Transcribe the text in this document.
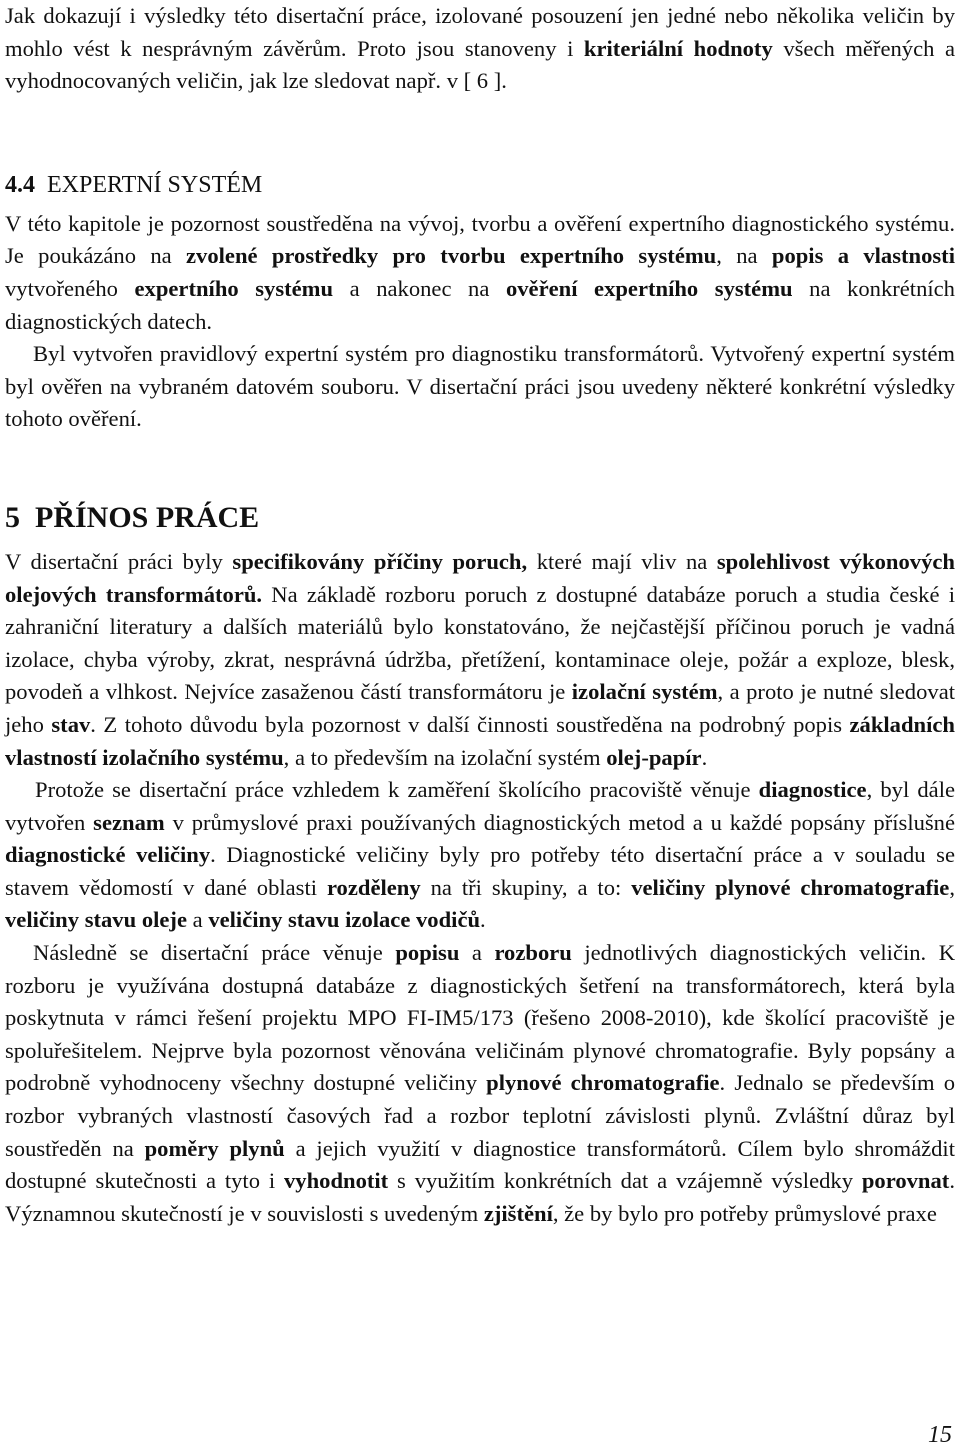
Jak dokazují i výsledky této disertační práce, izolované posouzení jen jedné nebo několika veličin by mohlo vést k nesprávným závěrům. Proto jsou stanoveny i kriteriální hodnoty všech měřených a vyhodnocovaných veličin, jak lze sledovat např. v [ 6 ].

4.4 EXPERTNÍ SYSTÉM

V této kapitole je pozornost soustředěna na vývoj, tvorbu a ověření expertního diagnostického systému. Je poukázáno na zvolené prostředky pro tvorbu expertního systému, na popis a vlastnosti vytvořeného expertního systému a nakonec na ověření expertního systému na konkrétních diagnostických datech.

Byl vytvořen pravidlový expertní systém pro diagnostiku transformátorů. Vytvořený expertní systém byl ověřen na vybraném datovém souboru. V disertační práci jsou uvedeny některé konkrétní výsledky tohoto ověření.

5 PŘÍNOS PRÁCE

V disertační práci byly specifikovány příčiny poruch, které mají vliv na spolehlivost výkonových olejových transformátorů. Na základě rozboru poruch z dostupné databáze poruch a studia české i zahraniční literatury a dalších materiálů bylo konstatováno, že nejčastější příčinou poruch je vadná izolace, chyba výroby, zkrat, nesprávná údržba, přetížení, kontaminace oleje, požár a exploze, blesk, povodeň a vlhkost. Nejvíce zasaženou částí transformátoru je izolační systém, a proto je nutné sledovat jeho stav. Z tohoto důvodu byla pozornost v další činnosti soustředěna na podrobný popis základních vlastností izolačního systému, a to především na izolační systém olej-papír.

Protože se disertační práce vzhledem k zaměření školícího pracoviště věnuje diagnostice, byl dále vytvořen seznam v průmyslové praxi používaných diagnostických metod a u každé popsány příslušné diagnostické veličiny. Diagnostické veličiny byly pro potřeby této disertační práce a v souladu se stavem vědomostí v dané oblasti rozděleny na tři skupiny, a to: veličiny plynové chromatografie, veličiny stavu oleje a veličiny stavu izolace vodičů.

Následně se disertační práce věnuje popisu a rozboru jednotlivých diagnostických veličin. K rozboru je využívána dostupná databáze z diagnostických šetření na transformátorech, která byla poskytnuta v rámci řešení projektu MPO FI-IM5/173 (řešeno 2008-2010), kde školící pracoviště je spoluřešitelem. Nejprve byla pozornost věnována veličinám plynové chromatografie. Byly popsány a podrobně vyhodnoceny všechny dostupné veličiny plynové chromatografie. Jednalo se především o rozbor vybraných vlastností časových řad a rozbor teplotní závislosti plynů. Zvláštní důraz byl soustředěn na poměry plynů a jejich využití v diagnostice transformátorů. Cílem bylo shromáždit dostupné skutečnosti a tyto i vyhodnotit s využitím konkrétních dat a vzájemně výsledky porovnat. Významnou skutečností je v souvislosti s uvedeným zjištění, že by bylo pro potřeby průmyslové praxe

15
